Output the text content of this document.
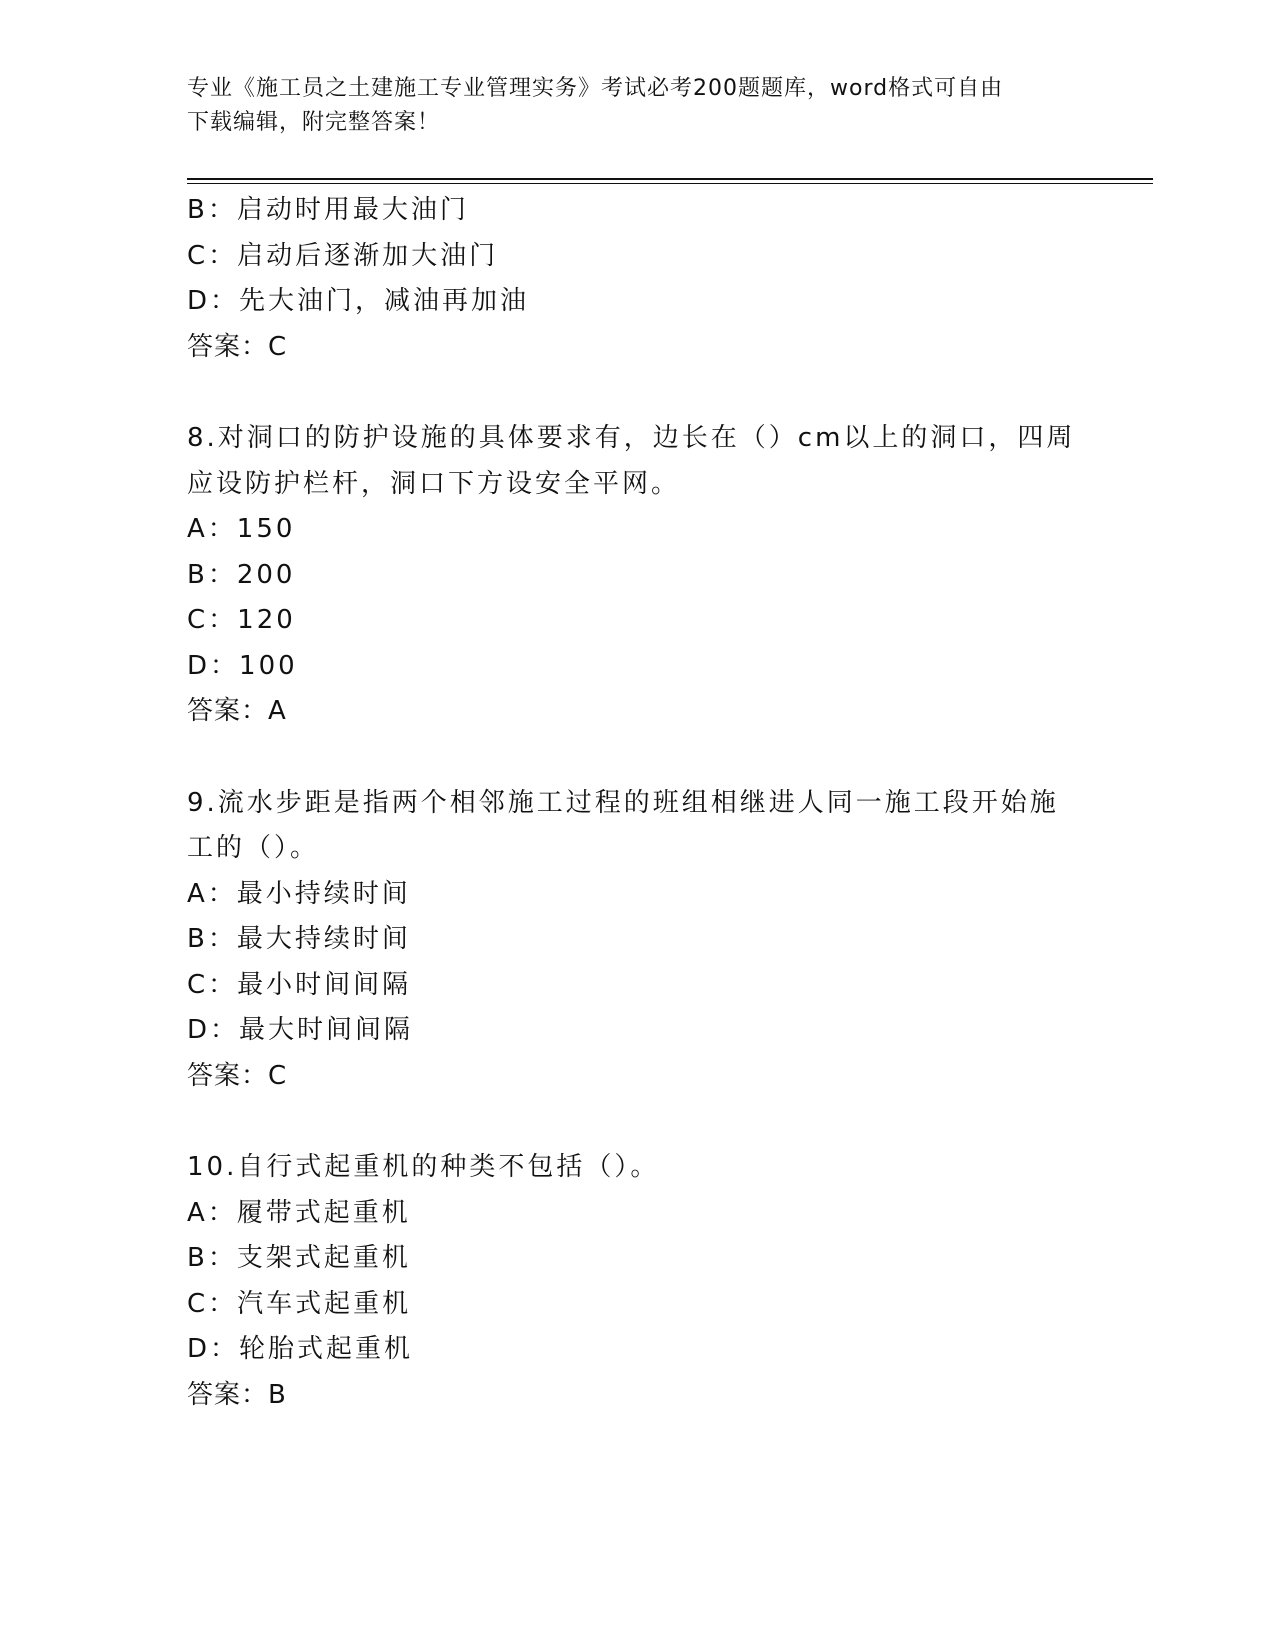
专业《施工员之土建施工专业管理实务》考试必考200题题库，word格式可自由
下载编辑，附完整答案！
B：启动时用最大油门
C：启动后逐渐加大油门
D：先大油门，减油再加油
答案：C
8.对洞口的防护设施的具体要求有，边长在（）cm以上的洞口，四周
应设防护栏杆，洞口下方设安全平网。
A：150
B：200
C：120
D：100
答案：A
9.流水步距是指两个相邻施工过程的班组相继进人同一施工段开始施
工的（）。
A：最小持续时间
B：最大持续时间
C：最小时间间隔
D：最大时间间隔
答案：C
10.自行式起重机的种类不包括（）。
A：履带式起重机
B：支架式起重机
C：汽车式起重机
D：轮胎式起重机
答案：B
